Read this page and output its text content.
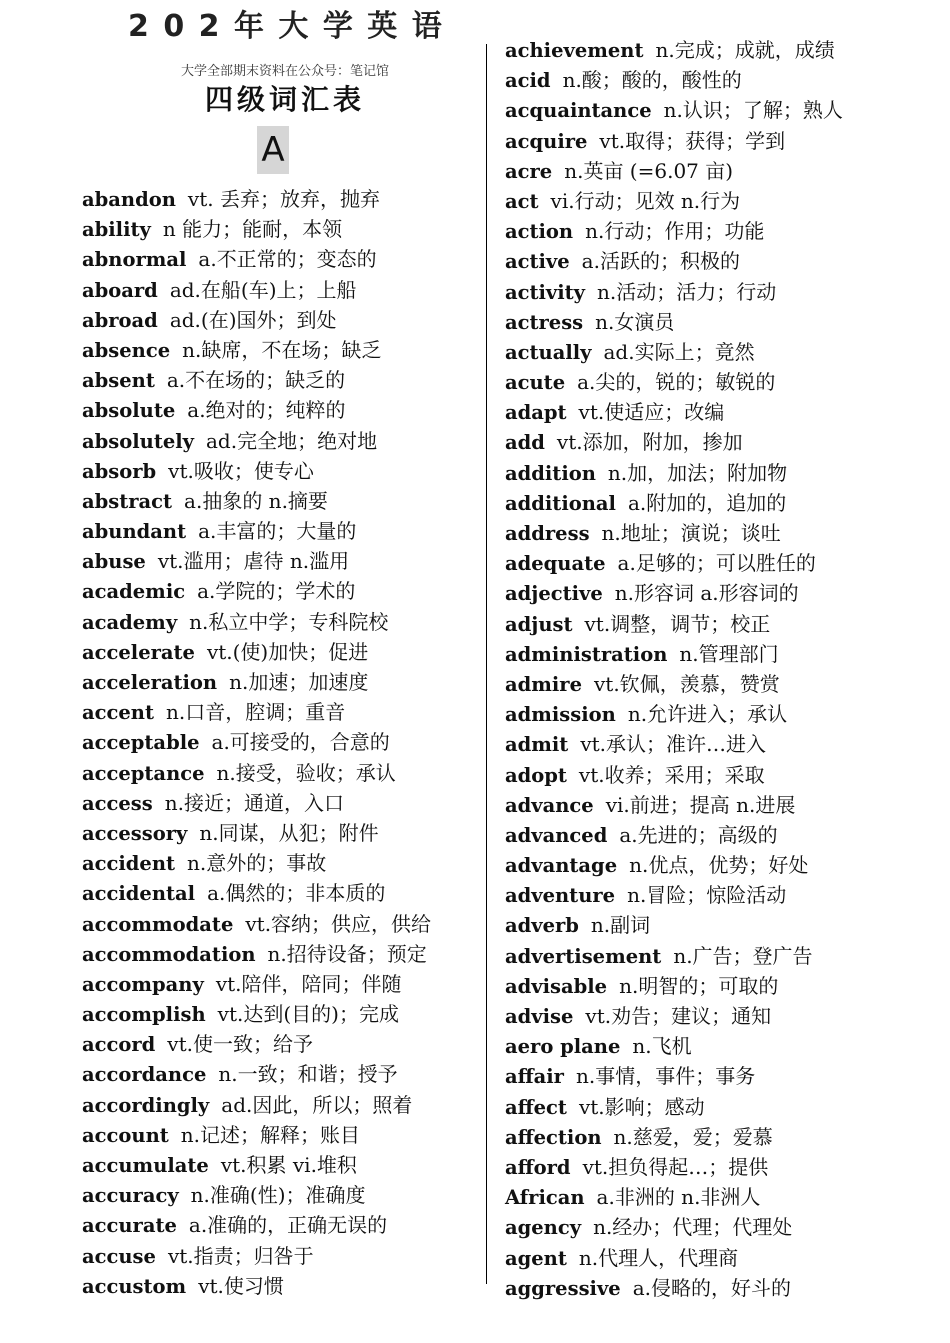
2 0 2 年 大 学 英 语
大学全部期末资料在公众号：笔记馆
四级词汇表
A
abandon vt. 丢弃；放弃，抛弃
ability n 能力；能耐，本领
abnormal a.不正常的；变态的
aboard ad.在船(车)上；上船
abroad ad.(在)国外；到处
absence n.缺席，不在场；缺乏
absent a.不在场的；缺乏的
absolute a.绝对的；纯粹的
absolutely ad.完全地；绝对地
absorb vt.吸收；使专心
abstract a.抽象的 n.摘要
abundant a.丰富的；大量的
abuse vt.滥用；虐待 n.滥用
academic a.学院的；学术的
academy n.私立中学；专科院校
accelerate vt.(使)加快；促进
acceleration n.加速；加速度
accent n.口音，腔调；重音
acceptable a.可接受的，合意的
acceptance n.接受，验收；承认
access n.接近；通道，入口
accessory n.同谋，从犯；附件
accident n.意外的；事故
accidental a.偶然的；非本质的
accommodate vt.容纳；供应，供给
accommodation n.招待设备；预定
accompany vt.陪伴，陪同；伴随
accomplish vt.达到(目的)；完成
accord vt.使一致；给予
accordance n.一致；和谐；授予
accordingly ad.因此，所以；照着
account n.记述；解释；账目
accumulate vt.积累 vi.堆积
accuracy n.准确(性)；准确度
accurate a.准确的，正确无误的
accuse vt.指责；归咎于
accustom vt.使习惯
achievement n.完成；成就，成绩
acid n.酸；酸的，酸性的
acquaintance n.认识；了解；熟人
acquire vt.取得；获得；学到
acre n.英亩 (=6.07 亩)
act vi.行动；见效 n.行为
action n.行动；作用；功能
active a.活跃的；积极的
activity n.活动；活力；行动
actress n.女演员
actually ad.实际上；竟然
acute a.尖的，锐的；敏锐的
adapt vt.使适应；改编
add vt.添加，附加，掺加
addition n.加，加法；附加物
additional a.附加的，追加的
address n.地址；演说；谈吐
adequate a.足够的；可以胜任的
adjective n.形容词 a.形容词的
adjust vt.调整，调节；校正
administration n.管理部门
admire vt.钦佩，羡慕，赞赏
admission n.允许进入；承认
admit vt.承认；准许…进入
adopt vt.收养；采用；采取
advance vi.前进；提高 n.进展
advanced a.先进的；高级的
advantage n.优点，优势；好处
adventure n.冒险；惊险活动
adverb n.副词
advertisement n.广告；登广告
advisable n.明智的；可取的
advise vt.劝告；建议；通知
aero plane n.飞机
affair n.事情，事件；事务
affect vt.影响；感动
affection n.慈爱，爱；爱慕
afford vt.担负得起…；提供
African a.非洲的 n.非洲人
agency n.经办；代理；代理处
agent n.代理人，代理商
aggressive a.侵略的，好斗的
